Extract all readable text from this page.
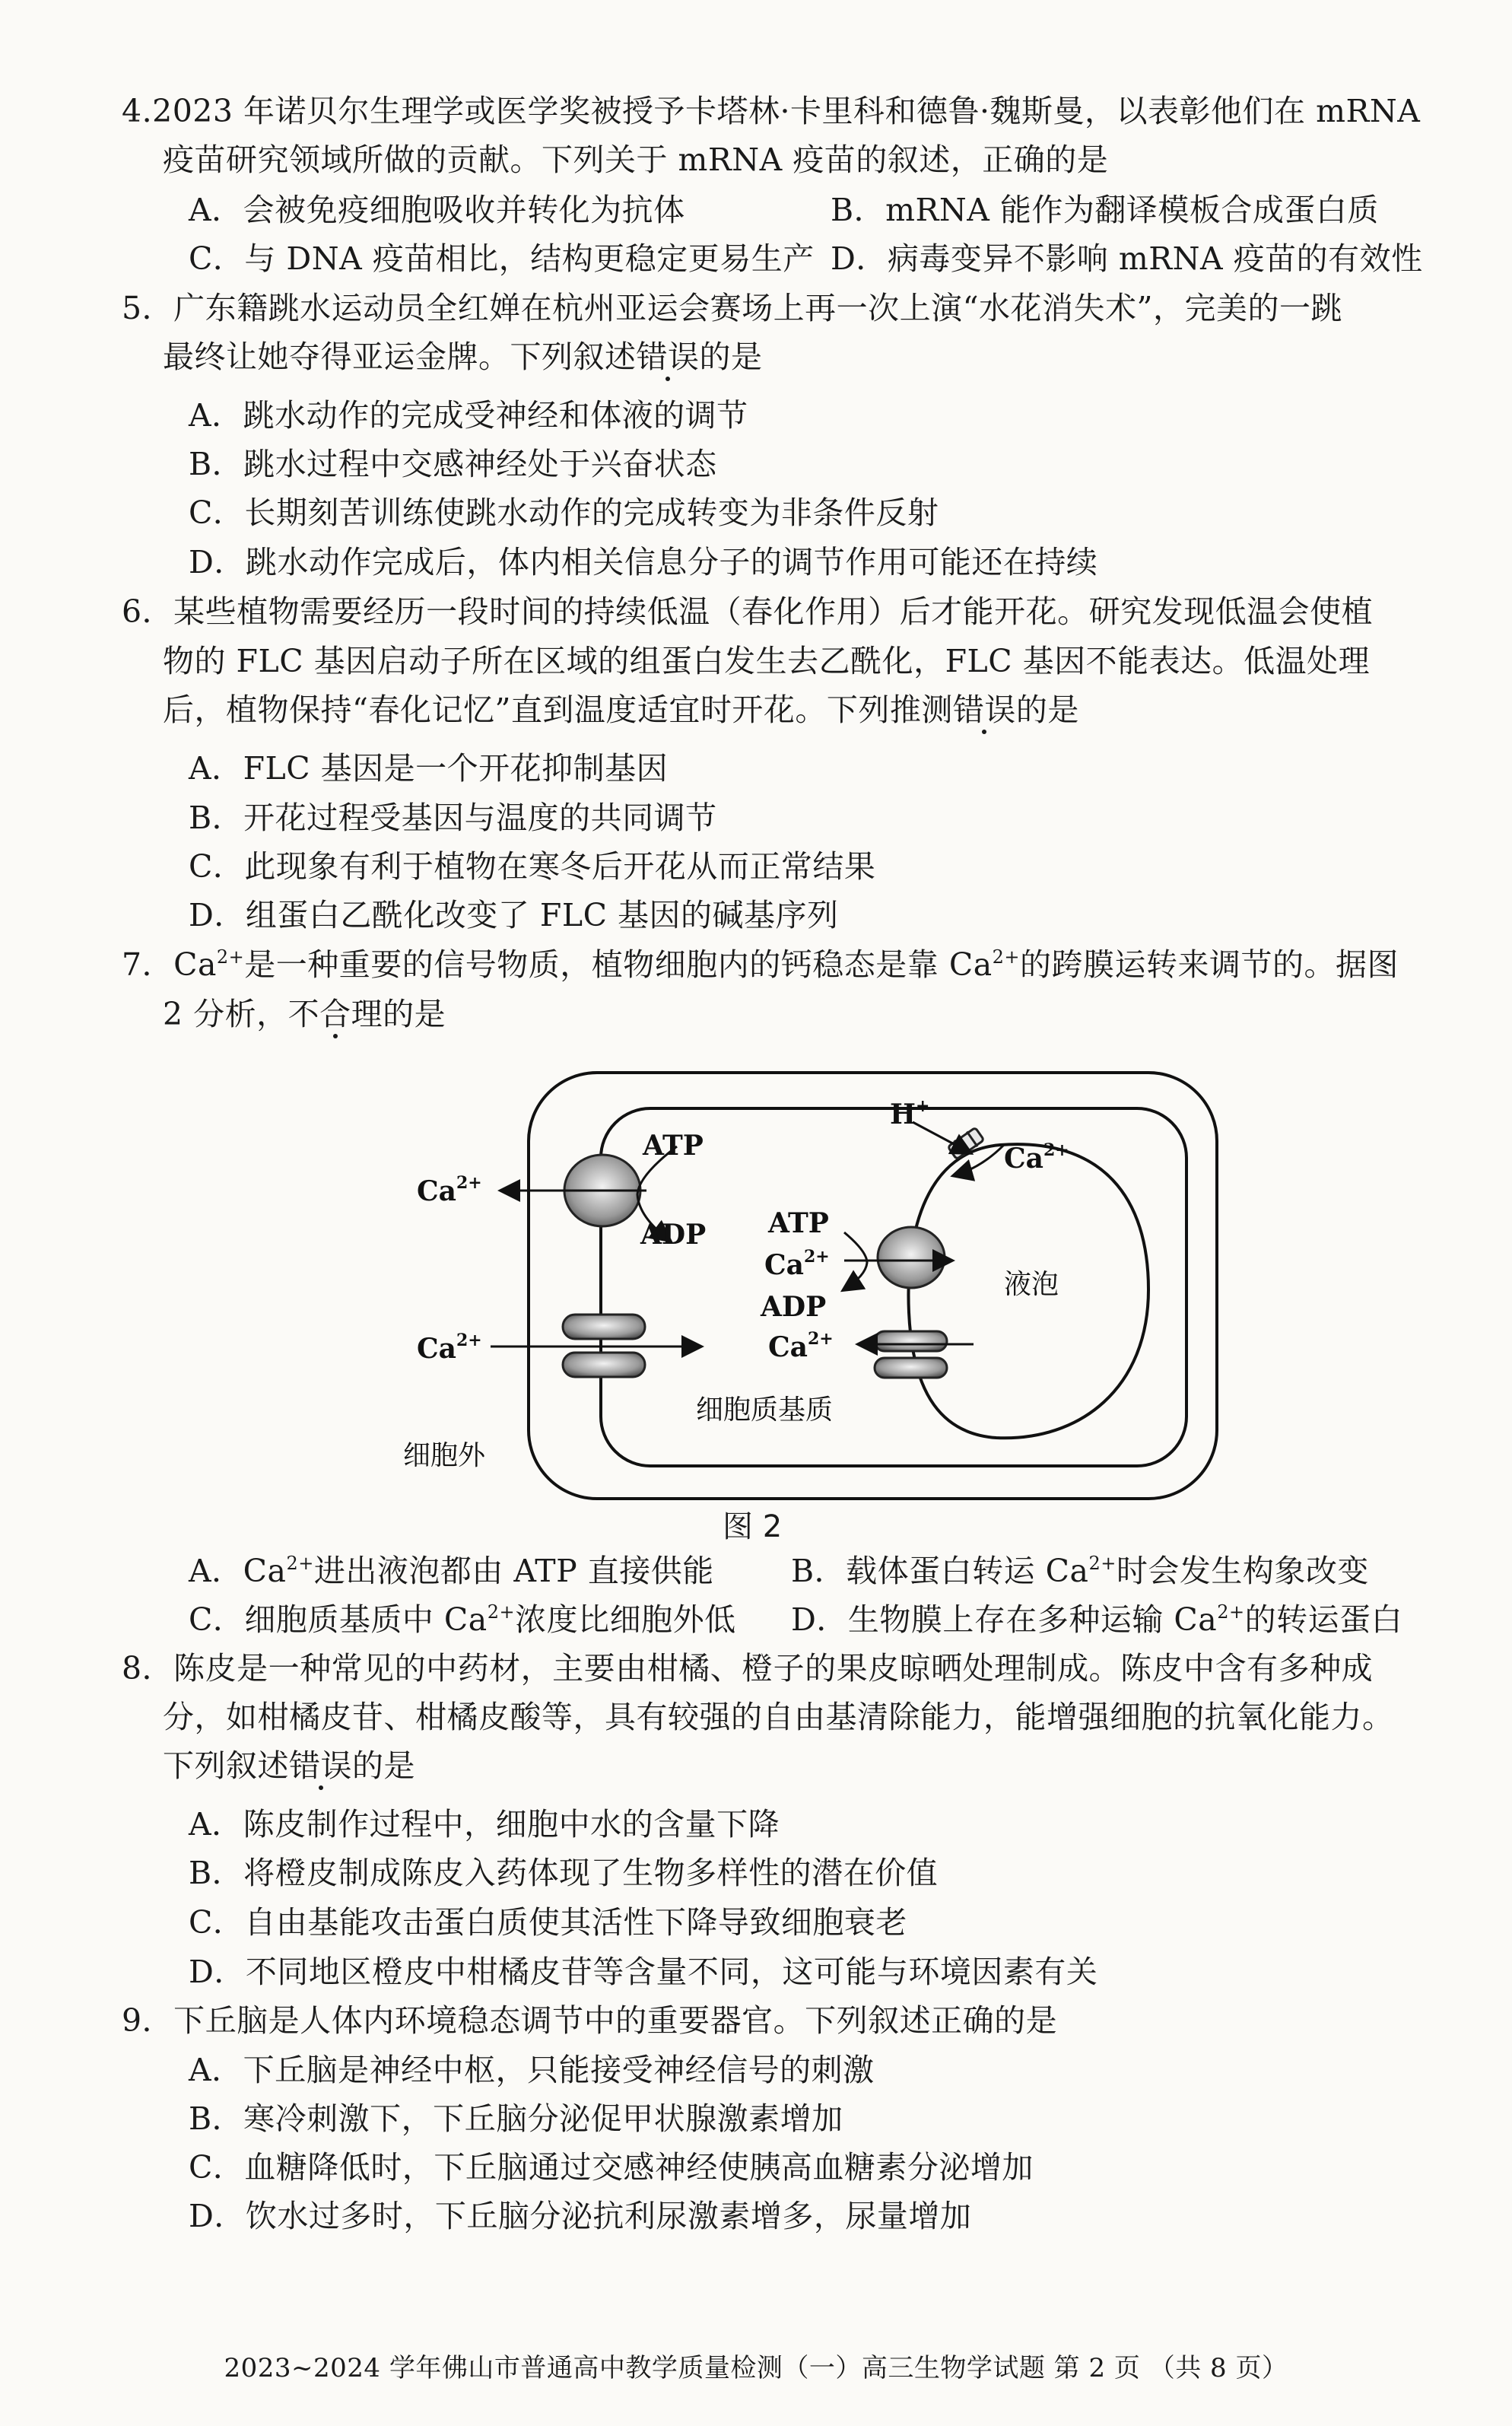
4.2023 年诺贝尔生理学或医学奖被授予卡塔林·卡里科和德鲁·魏斯曼，以表彰他们在 mRNA
疫苗研究领域所做的贡献。下列关于 mRNA 疫苗的叙述，正确的是
A．会被免疫细胞吸收并转化为抗体	B．mRNA 能作为翻译模板合成蛋白质
C．与 DNA 疫苗相比，结构更稳定更易生产 D．病毒变异不影响 mRNA 疫苗的有效性
5．广东籍跳水运动员全红婵在杭州亚运会赛场上再一次上演“水花消失术”，完美的一跳
最终让她夺得亚运金牌。下列叙述错误的是
A．跳水动作的完成受神经和体液的调节
B．跳水过程中交感神经处于兴奋状态
C．长期刻苦训练使跳水动作的完成转变为非条件反射
D．跳水动作完成后，体内相关信息分子的调节作用可能还在持续
6．某些植物需要经历一段时间的持续低温（春化作用）后才能开花。研究发现低温会使植
物的 FLC 基因启动子所在区域的组蛋白发生去乙酰化，FLC 基因不能表达。低温处理
后，植物保持“春化记忆”直到温度适宜时开花。下列推测错误的是
A．FLC 基因是一个开花抑制基因
B．开花过程受基因与温度的共同调节
C．此现象有利于植物在寒冬后开花从而正常结果
D．组蛋白乙酰化改变了 FLC 基因的碱基序列
7．$Ca^{2+}$是一种重要的信号物质，植物细胞内的钙稳态是靠 $Ca^{2+}$的跨膜运转来调节的。据图
2 分析，不合理的是
ATP
ADP
$Ca^{2+}$
$Ca^{2+}$
ATP
$Ca^{2+}$
ADP
$Ca^{2+}$
H+
$Ca^{2+}$
液泡
细胞质基质
细胞外
图 2
A．$Ca^{2+}$进出液泡都由 ATP 直接供能 B．载体蛋白转运 $Ca^{2+}$时会发生构象改变
C．细胞质基质中 $Ca^{2+}$浓度比细胞外低 D．生物膜上存在多种运输 $Ca^{2+}$的转运蛋白
8．陈皮是一种常见的中药材，主要由柑橘、橙子的果皮晾晒处理制成。陈皮中含有多种成
分，如柑橘皮苷、柑橘皮酸等，具有较强的自由基清除能力，能增强细胞的抗氧化能力。
下列叙述错误的是
A．陈皮制作过程中，细胞中水的含量下降
B．将橙皮制成陈皮入药体现了生物多样性的潜在价值
C．自由基能攻击蛋白质使其活性下降导致细胞衰老
D．不同地区橙皮中柑橘皮苷等含量不同，这可能与环境因素有关
9．下丘脑是人体内环境稳态调节中的重要器官。下列叙述正确的是
A．下丘脑是神经中枢，只能接受神经信号的刺激
B．寒冷刺激下，下丘脑分泌促甲状腺激素增加
C．血糖降低时，下丘脑通过交感神经使胰高血糖素分泌增加
D．饮水过多时，下丘脑分泌抗利尿激素增多，尿量增加
2023~2024 学年佛山市普通高中教学质量检测（一）高三生物学试题 第 2 页 （共 8 页）
